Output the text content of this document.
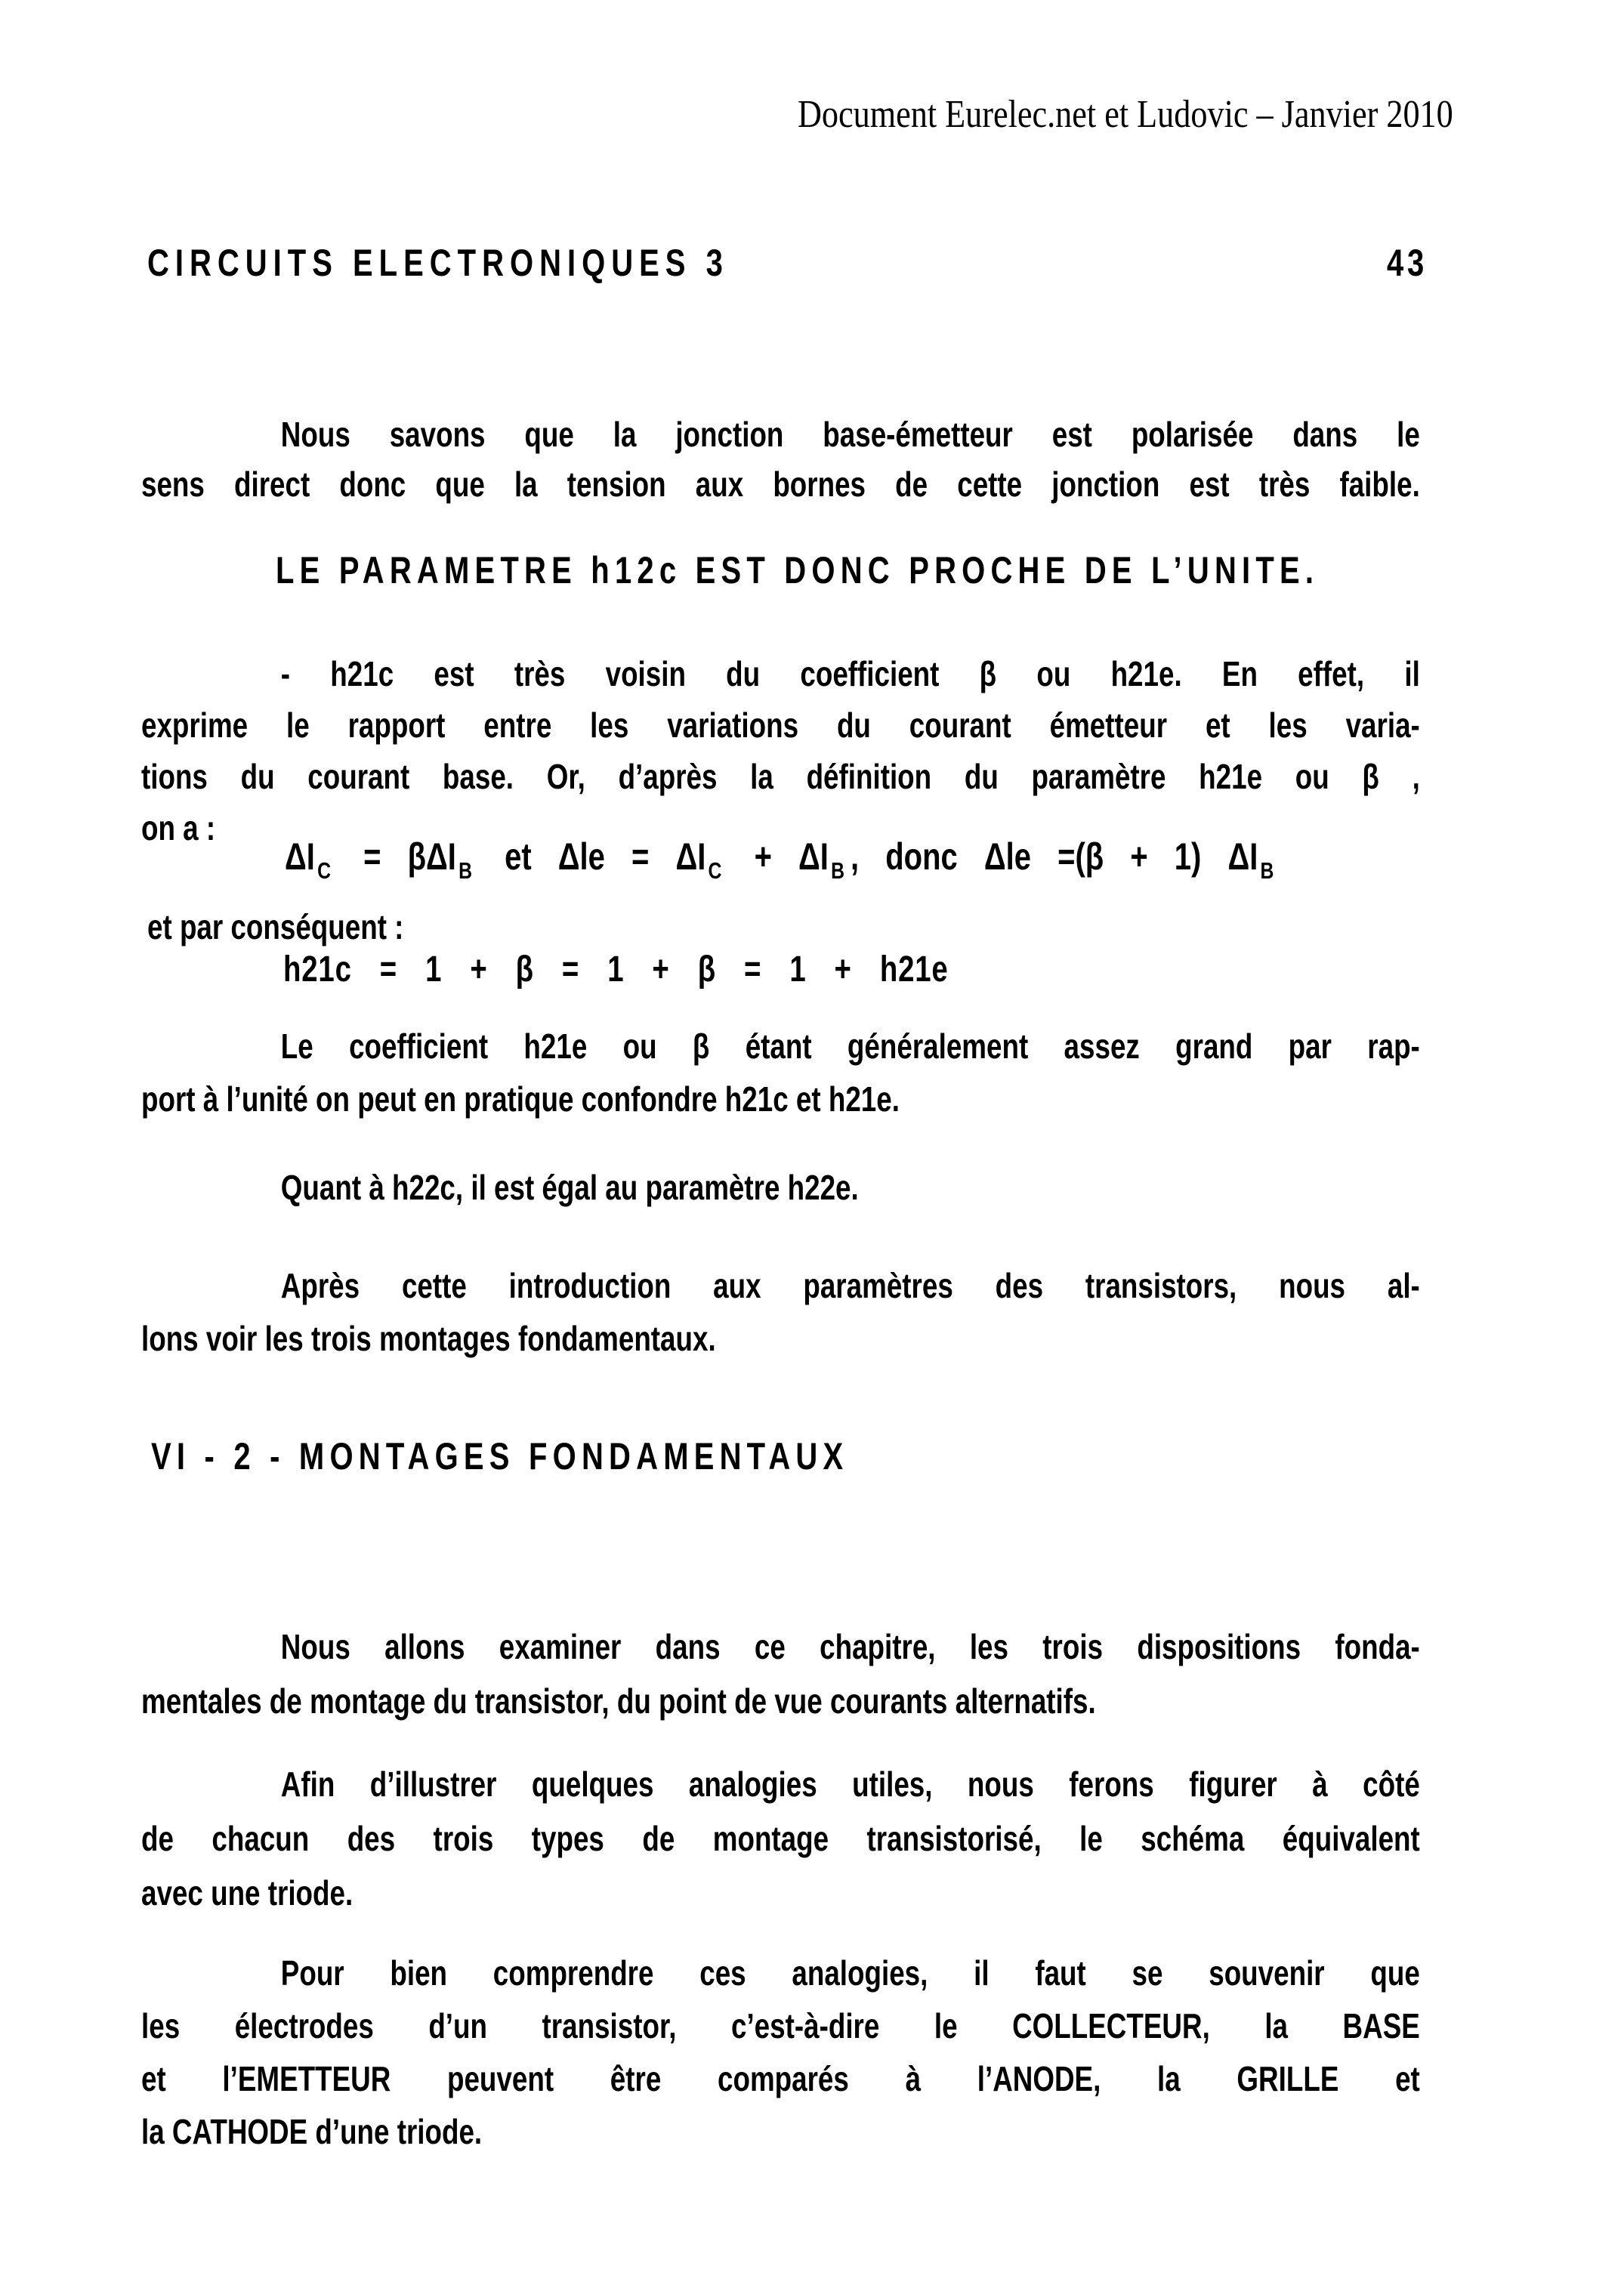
Document Eurelec.net et Ludovic – Janvier 2010
CIRCUITS ELECTRONIQUES 3	43
Nous savons que la jonction base-émetteur est polarisée dans le
sens direct donc que la tension aux bornes de cette jonction est très faible.
LE PARAMETRE h12c EST DONC PROCHE DE L’UNITE.
- h21c est très voisin du coefficient β ou h21e. En effet, il
exprime le rapport entre les variations du courant émetteur et les varia-
tions du courant base. Or, d’après la définition du paramètre h21e ou β ,
on a :
ΔI $_C$ = βΔI $_B$ et Δle = ΔI $_C$ + ΔI $_B$ , donc Δle =(β + 1) ΔI $_B$
et par conséquent :
h21c = 1 + β = 1 + β = 1 + h21e
Le coefficient h21e ou β étant généralement assez grand par rap-
port à l’unité on peut en pratique confondre h21c et h21e.
Quant à h22c, il est égal au paramètre h22e.
Après cette introduction aux paramètres des transistors, nous al-
lons voir les trois montages fondamentaux.
VI - 2 - MONTAGES FONDAMENTAUX
Nous allons examiner dans ce chapitre, les trois dispositions fonda-
mentales de montage du transistor, du point de vue courants alternatifs.
Afin d’illustrer quelques analogies utiles, nous ferons figurer à côté
de chacun des trois types de montage transistorisé, le schéma équivalent
avec une triode.
Pour bien comprendre ces analogies, il faut se souvenir que
les électrodes d’un transistor, c’est-à-dire le COLLECTEUR, la BASE
et l’EMETTEUR peuvent être comparés à l’ANODE, la GRILLE et
la CATHODE d’une triode.
